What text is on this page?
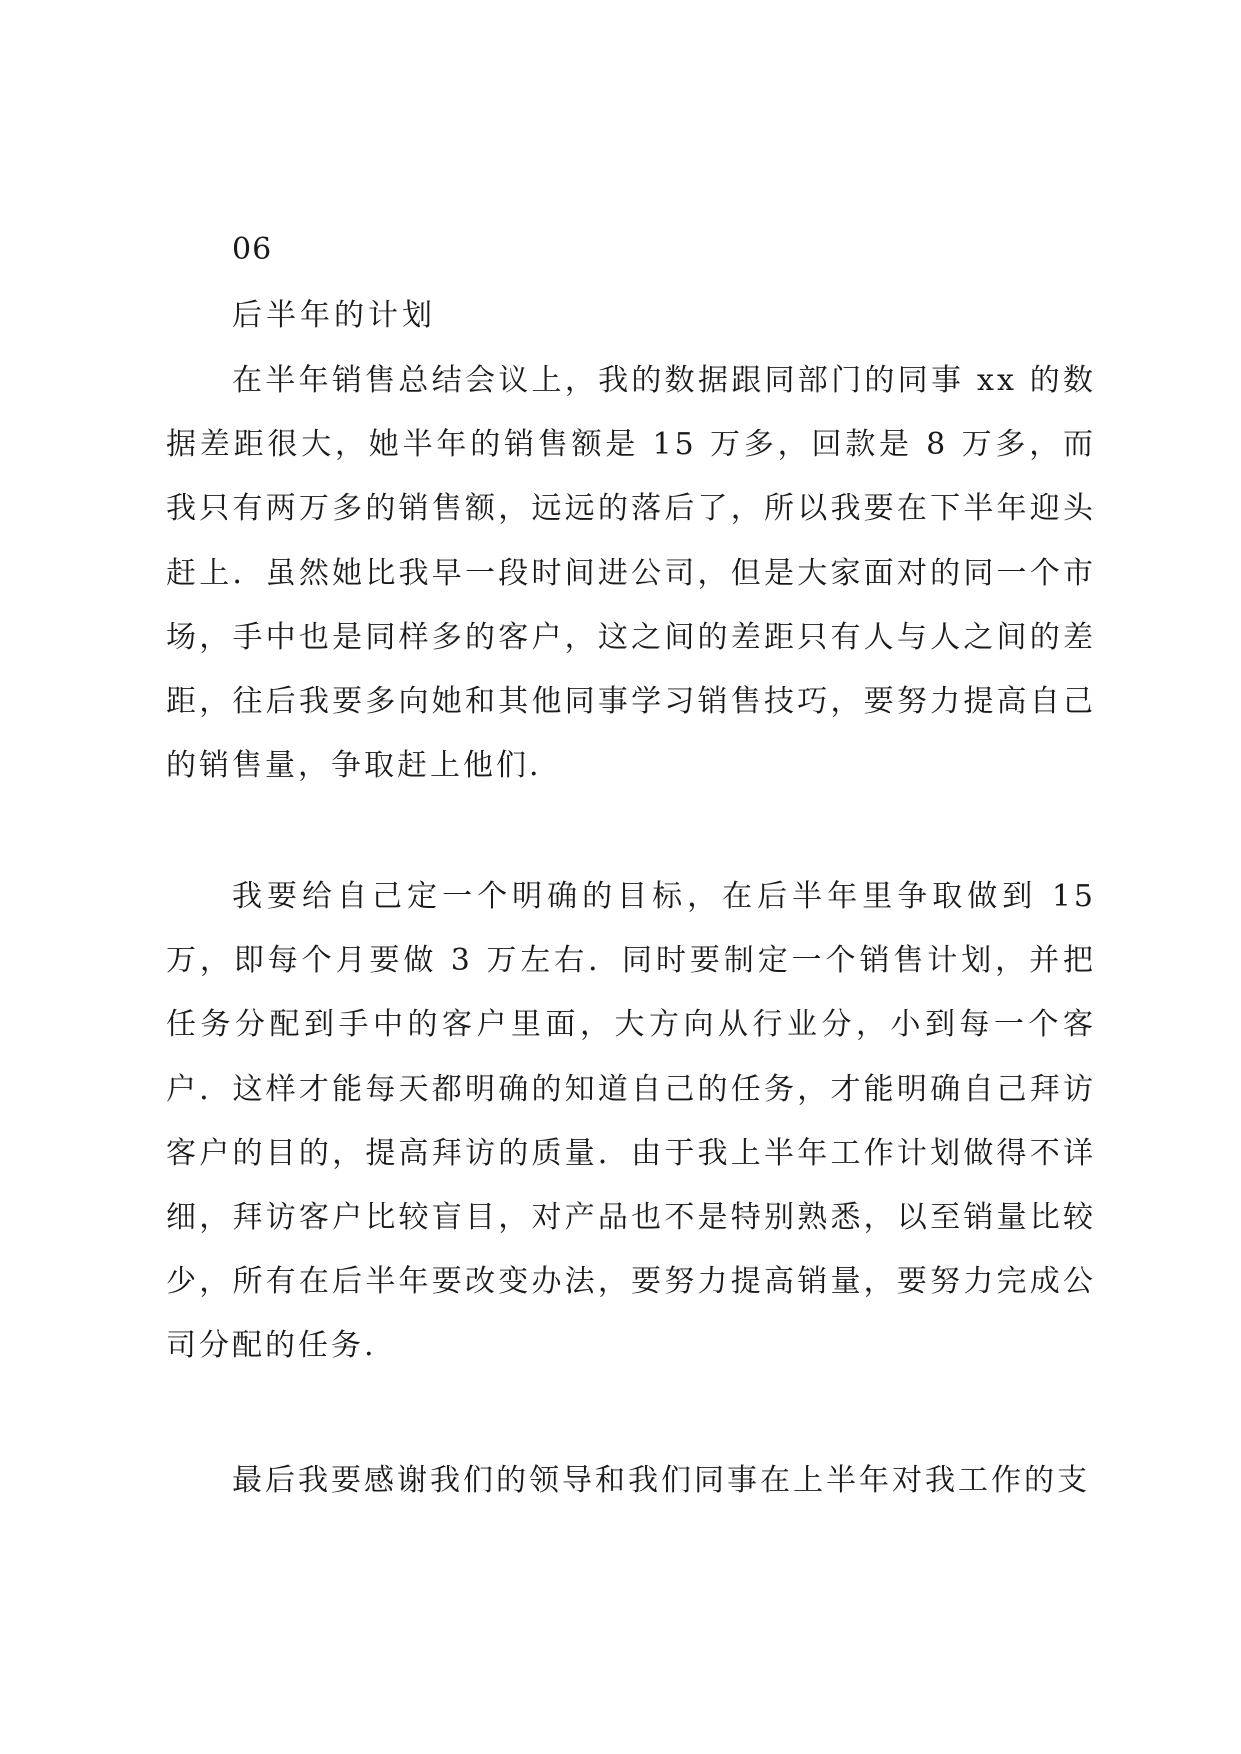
06
后半年的计划

在半年销售总结会议上，我的数据跟同部门的同事 xx 的数据差距很大，她半年的销售额是 15 万多，回款是 8 万多，而我只有两万多的销售额，远远的落后了，所以我要在下半年迎头赶上．虽然她比我早一段时间进公司，但是大家面对的同一个市场，手中也是同样多的客户，这之间的差距只有人与人之间的差距，往后我要多向她和其他同事学习销售技巧，要努力提高自己的销售量，争取赶上他们.

我要给自己定一个明确的目标，在后半年里争取做到 15 万，即每个月要做 3 万左右．同时要制定一个销售计划，并把任务分配到手中的客户里面，大方向从行业分，小到每一个客户．这样才能每天都明确的知道自己的任务，才能明确自己拜访客户的目的，提高拜访的质量．由于我上半年工作计划做得不详细，拜访客户比较盲目，对产品也不是特别熟悉，以至销量比较少，所有在后半年要改变办法，要努力提高销量，要努力完成公司分配的任务.

最后我要感谢我们的领导和我们同事在上半年对我工作的支
